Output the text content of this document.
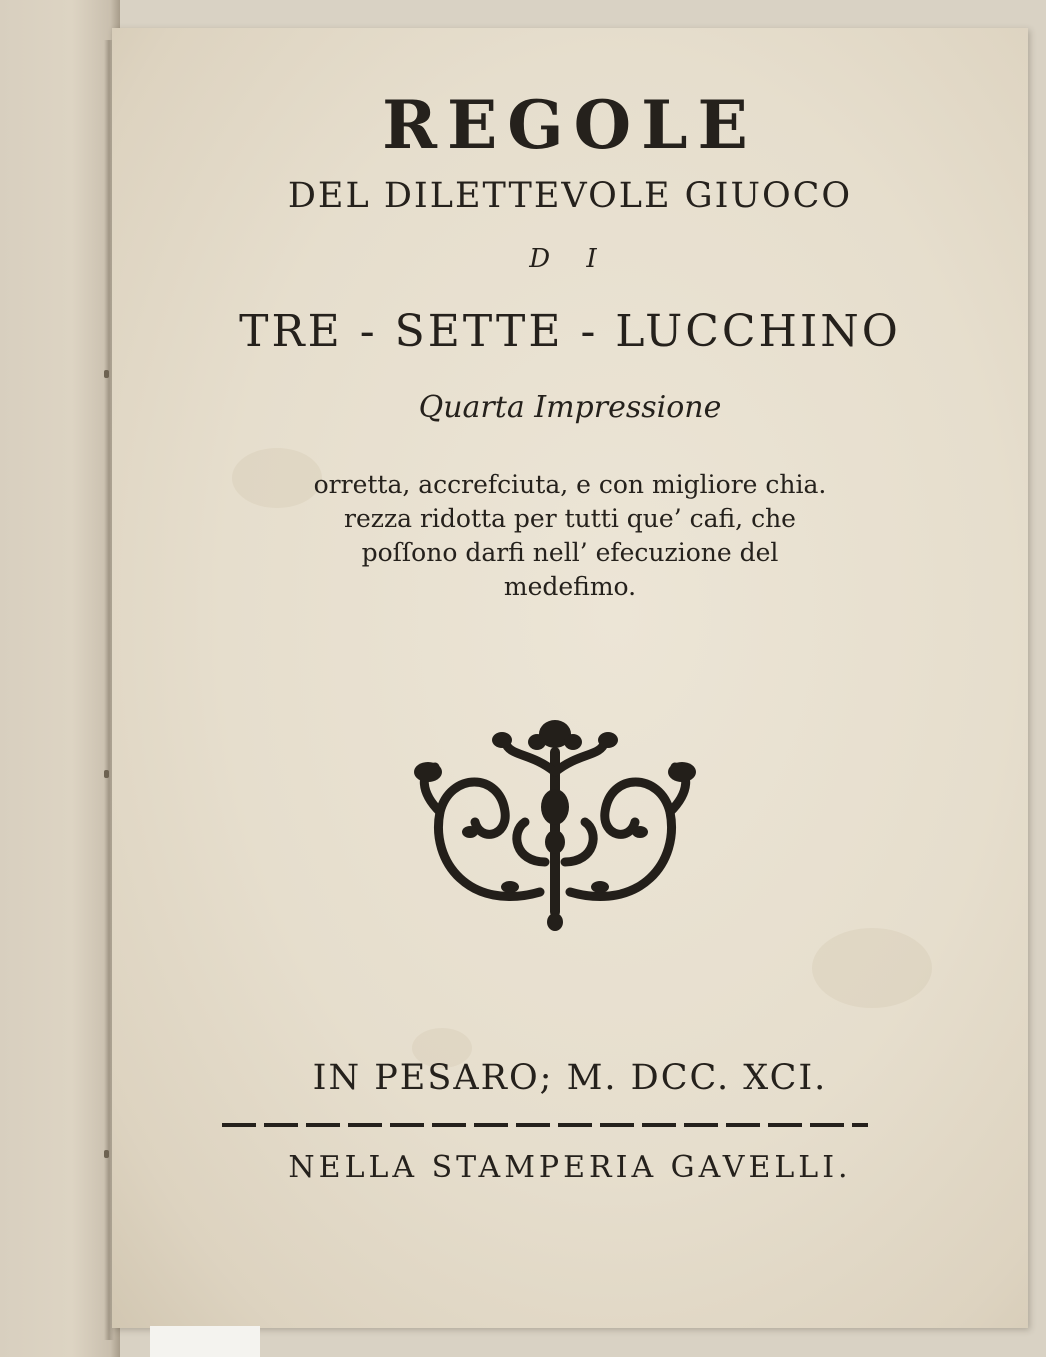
REGOLE
DEL DILETTEVOLE GIUOCO
D I
TRE - SETTE - LUCCHINO
Quarta Impressione
orretta, accrefciuta, e con migliore chia.
rezza ridotta per tutti que’ cafi, che
poſſono darfi nell’ efecuzione del
medefimo.
IN PESARO; M. DCC. XCI.
NELLA STAMPERIA GAVELLI.
